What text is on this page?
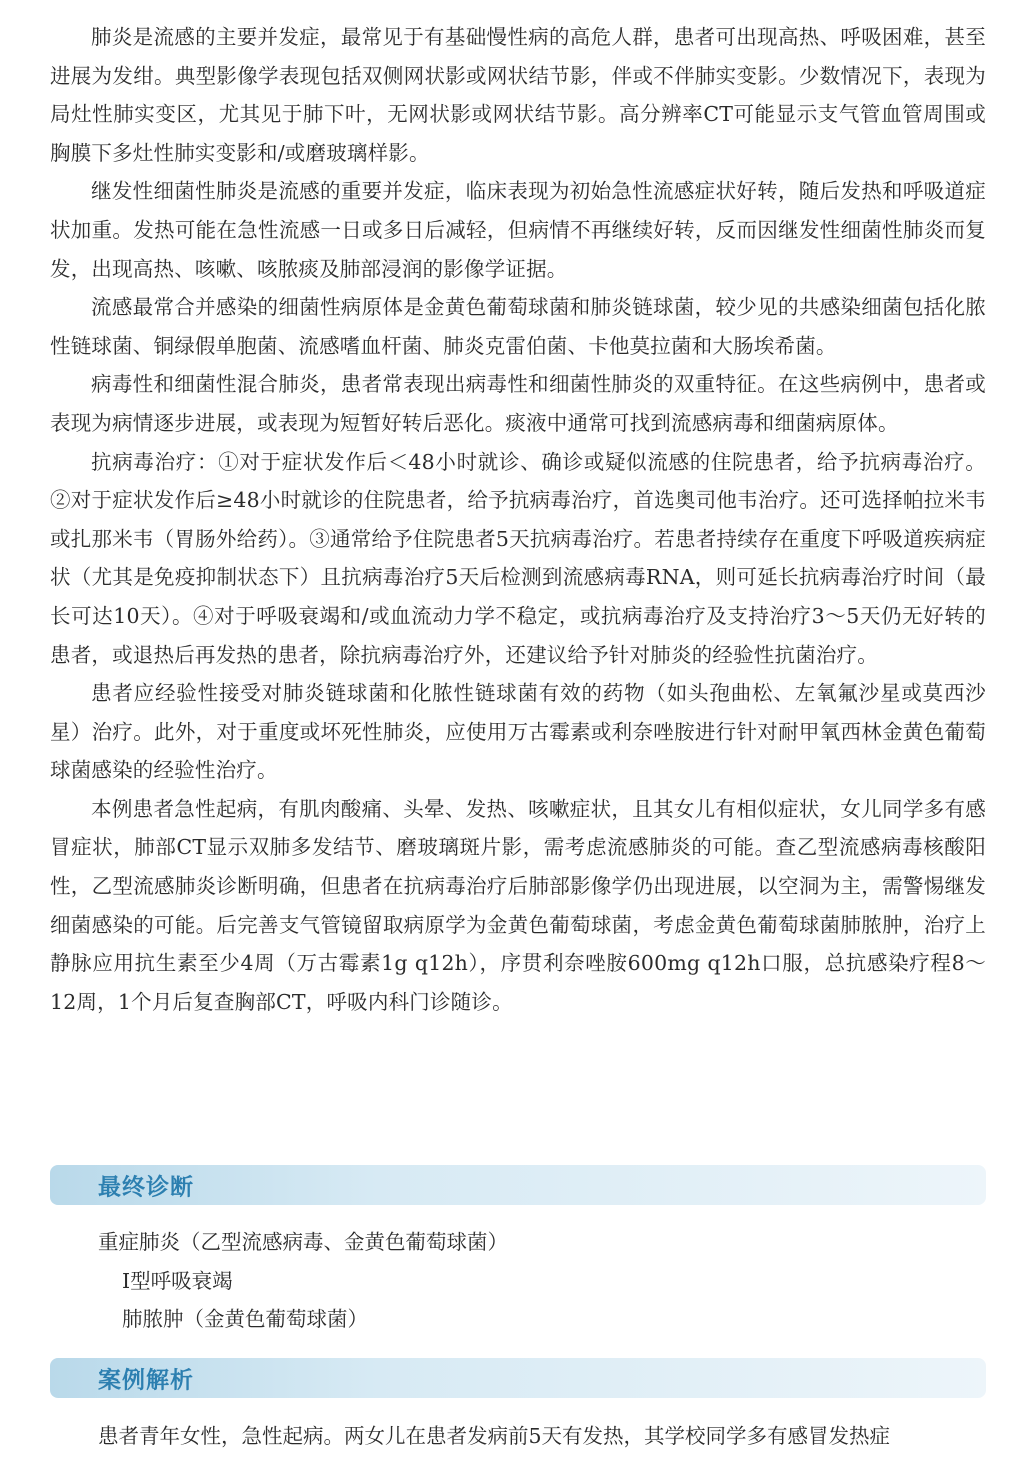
肺炎是流感的主要并发症，最常见于有基础慢性病的高危人群，患者可出现高热、呼吸困难，甚至进展为发绀。典型影像学表现包括双侧网状影或网状结节影，伴或不伴肺实变影。少数情况下，表现为局灶性肺实变区，尤其见于肺下叶，无网状影或网状结节影。高分辨率CT可能显示支气管血管周围或胸膜下多灶性肺实变影和/或磨玻璃样影。

继发性细菌性肺炎是流感的重要并发症，临床表现为初始急性流感症状好转，随后发热和呼吸道症状加重。发热可能在急性流感一日或多日后减轻，但病情不再继续好转，反而因继发性细菌性肺炎而复发，出现高热、咳嗽、咳脓痰及肺部浸润的影像学证据。

流感最常合并感染的细菌性病原体是金黄色葡萄球菌和肺炎链球菌，较少见的共感染细菌包括化脓性链球菌、铜绿假单胞菌、流感嗜血杆菌、肺炎克雷伯菌、卡他莫拉菌和大肠埃希菌。

病毒性和细菌性混合肺炎，患者常表现出病毒性和细菌性肺炎的双重特征。在这些病例中，患者或表现为病情逐步进展，或表现为短暂好转后恶化。痰液中通常可找到流感病毒和细菌病原体。

抗病毒治疗：①对于症状发作后＜48小时就诊、确诊或疑似流感的住院患者，给予抗病毒治疗。②对于症状发作后≥48小时就诊的住院患者，给予抗病毒治疗，首选奥司他韦治疗。还可选择帕拉米韦或扎那米韦（胃肠外给药）。③通常给予住院患者5天抗病毒治疗。若患者持续存在重度下呼吸道疾病症状（尤其是免疫抑制状态下）且抗病毒治疗5天后检测到流感病毒RNA，则可延长抗病毒治疗时间（最长可达10天）。④对于呼吸衰竭和/或血流动力学不稳定，或抗病毒治疗及支持治疗3～5天仍无好转的患者，或退热后再发热的患者，除抗病毒治疗外，还建议给予针对肺炎的经验性抗菌治疗。

患者应经验性接受对肺炎链球菌和化脓性链球菌有效的药物（如头孢曲松、左氧氟沙星或莫西沙星）治疗。此外，对于重度或坏死性肺炎，应使用万古霉素或利奈唑胺进行针对耐甲氧西林金黄色葡萄球菌感染的经验性治疗。

本例患者急性起病，有肌肉酸痛、头晕、发热、咳嗽症状，且其女儿有相似症状，女儿同学多有感冒症状，肺部CT显示双肺多发结节、磨玻璃斑片影，需考虑流感肺炎的可能。查乙型流感病毒核酸阳性，乙型流感肺炎诊断明确，但患者在抗病毒治疗后肺部影像学仍出现进展，以空洞为主，需警惕继发细菌感染的可能。后完善支气管镜留取病原学为金黄色葡萄球菌，考虑金黄色葡萄球菌肺脓肿，治疗上静脉应用抗生素至少4周（万古霉素1g q12h），序贯利奈唑胺600mg q12h口服，总抗感染疗程8～12周，1个月后复查胸部CT，呼吸内科门诊随诊。

最终诊断
重症肺炎（乙型流感病毒、金黄色葡萄球菌）
Ⅰ型呼吸衰竭
肺脓肿（金黄色葡萄球菌）
案例解析
患者青年女性，急性起病。两女儿在患者发病前5天有发热，其学校同学多有感冒发热症
